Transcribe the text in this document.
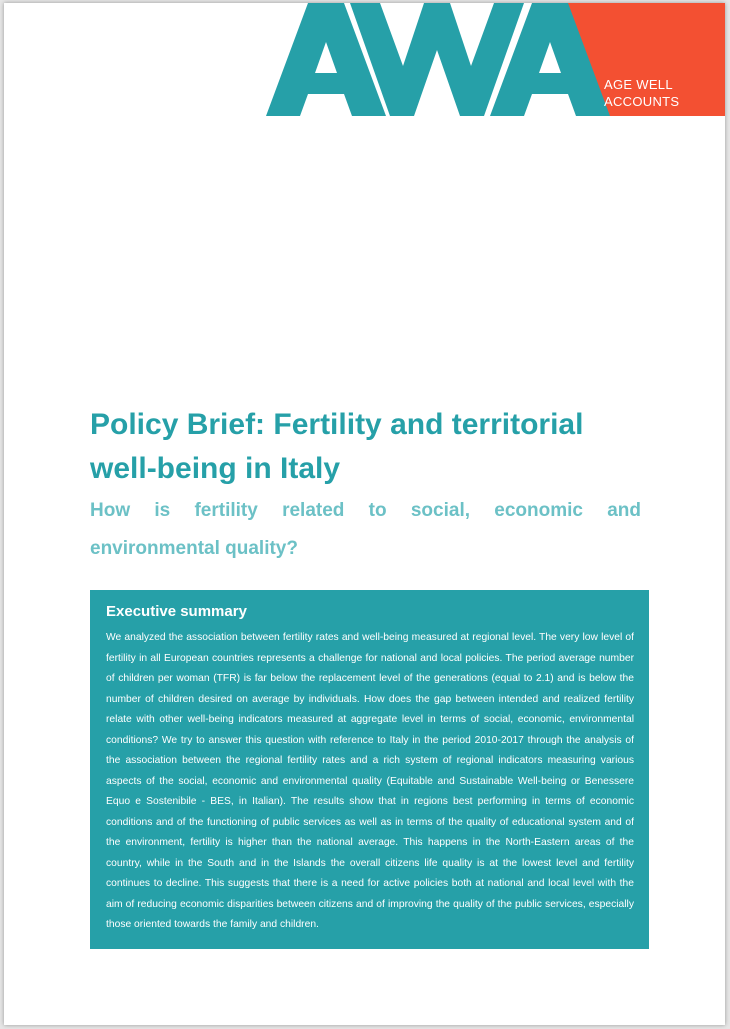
AGE WELL
ACCOUNTS
Policy Brief: Fertility and territorial well-being in Italy
How is fertility related to social, economic and environmental quality?
Executive summary

We analyzed the association between fertility rates and well-being measured at regional level. The very low level of fertility in all European countries represents a challenge for national and local policies. The period average number of children per woman (TFR) is far below the replacement level of the generations (equal to 2.1) and is below the number of children desired on average by individuals. How does the gap between intended and realized fertility relate with other well-being indicators measured at aggregate level in terms of social, economic, environmental conditions? We try to answer this question with reference to Italy in the period 2010-2017 through the analysis of the association between the regional fertility rates and a rich system of regional indicators measuring various aspects of the social, economic and environmental quality (Equitable and Sustainable Well-being or Benessere Equo e Sostenibile - BES, in Italian). The results show that in regions best performing in terms of economic conditions and of the functioning of public services as well as in terms of the quality of educational system and of the environment, fertility is higher than the national average. This happens in the North-Eastern areas of the country, while in the South and in the Islands the overall citizens life quality is at the lowest level and fertility continues to decline. This suggests that there is a need for active policies both at national and local level with the aim of reducing economic disparities between citizens and of improving the quality of the public services, especially those oriented towards the family and children.
